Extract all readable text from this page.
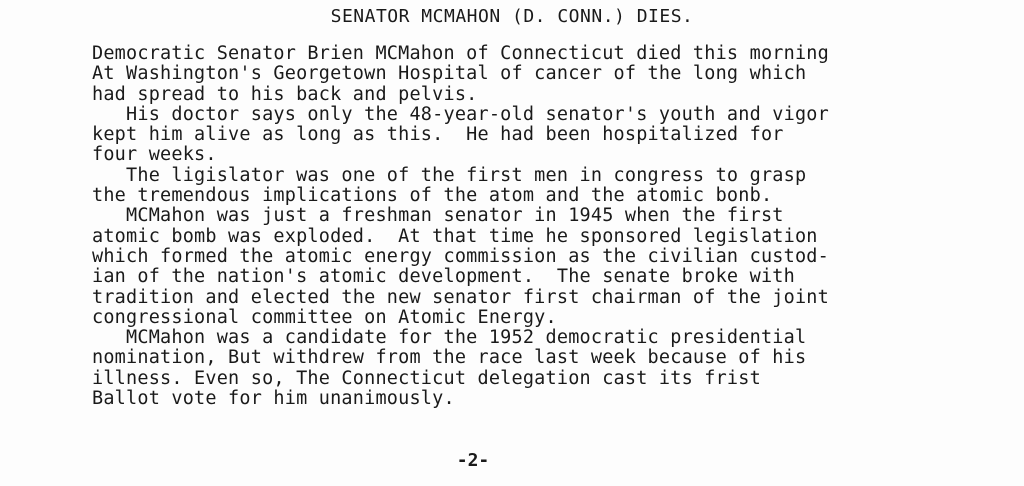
SENATOR MCMAHON (D. CONN.) DIES.
Democratic Senator Brien MCMahon of Connecticut died this morning
At Washington's Georgetown Hospital of cancer of the long which
had spread to his back and pelvis.
His doctor says only the 48-year-old senator's youth and vigor
kept him alive as long as this.  He had been hospitalized for
four weeks.
The ligislator was one of the first men in congress to grasp
the tremendous implications of the atom and the atomic bonb.
MCMahon was just a freshman senator in 1945 when the first
atomic bomb was exploded.  At that time he sponsored legislation
which formed the atomic energy commission as the civilian custod-
ian of the nation's atomic development.  The senate broke with
tradition and elected the new senator first chairman of the joint
congressional committee on Atomic Energy.
MCMahon was a candidate for the 1952 democratic presidential
nomination, But withdrew from the race last week because of his
illness. Even so, The Connecticut delegation cast its frist
Ballot vote for him unanimously.
-2-
